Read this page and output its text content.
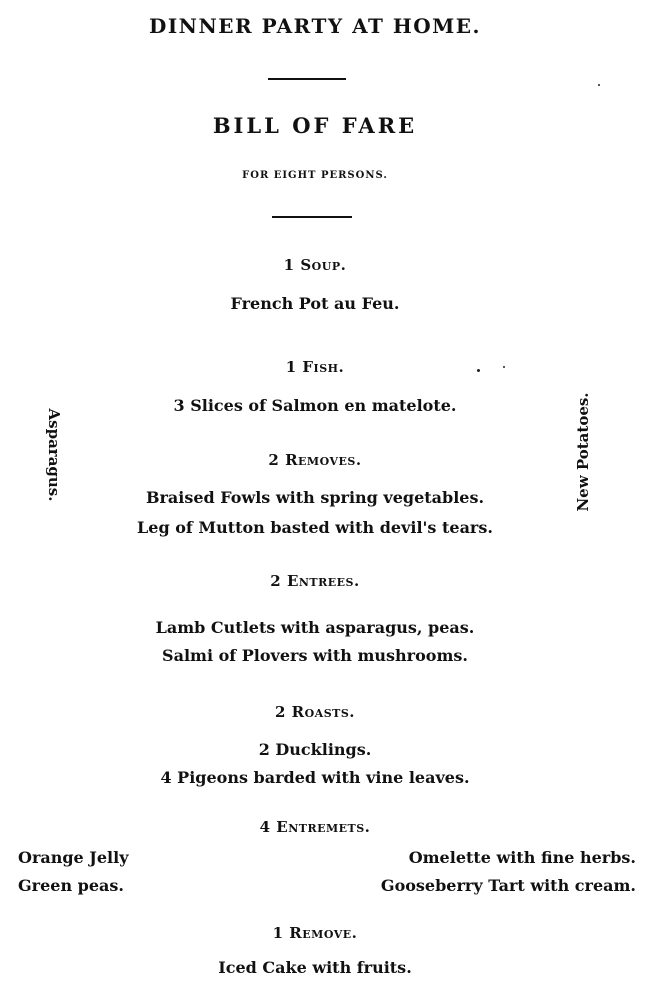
DINNER PARTY AT HOME.
BILL OF FARE
FOR EIGHT PERSONS.
1 Soup.
French Pot au Feu.
1 Fish.
3 Slices of Salmon en matelote.
2 Removes.
Braised Fowls with spring vegetables.
Leg of Mutton basted with devil's tears.
2 Entrees.
Lamb Cutlets with asparagus, peas.
Salmi of Plovers with mushrooms.
2 Roasts.
2 Ducklings.
4 Pigeons barded with vine leaves.
4 Entremets.
Orange Jelly
Green peas.
Omelette with fine herbs.
Gooseberry Tart with cream.
1 Remove.
Iced Cake with fruits.
Asparagus.	New Potatoes.
